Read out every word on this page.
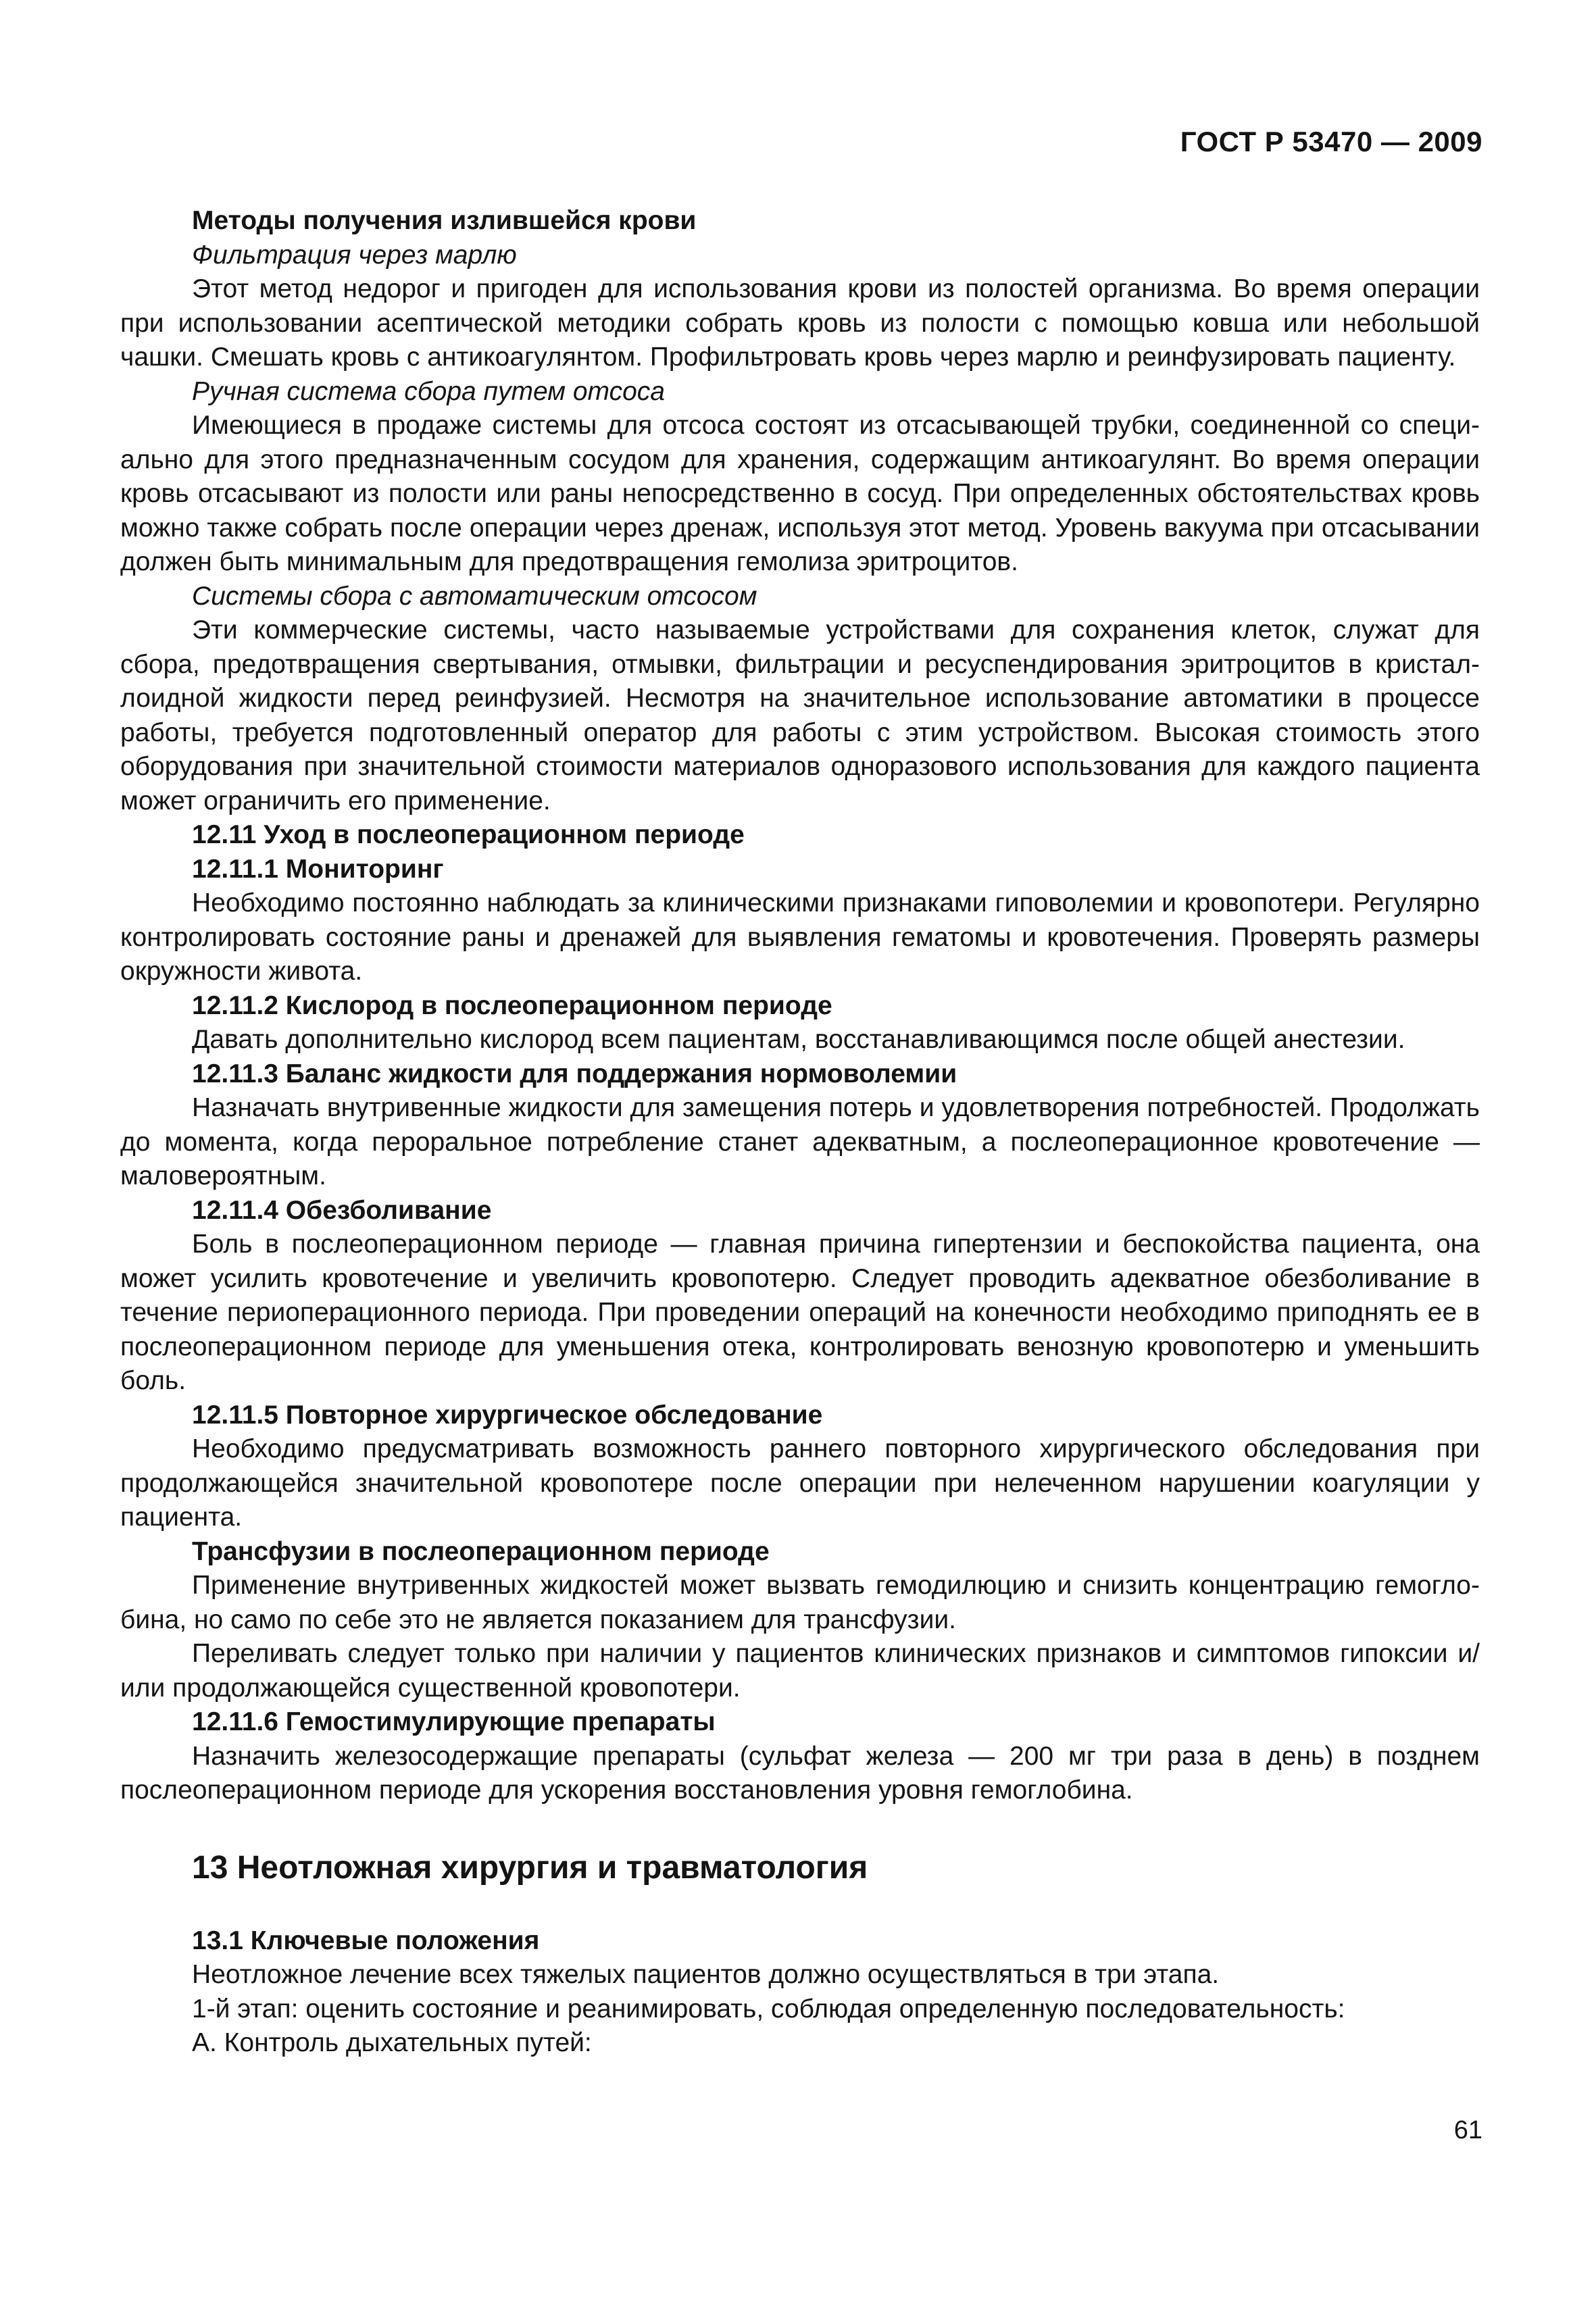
ГОСТ Р 53470 — 2009

Методы получения излившейся крови

Фильтрация через марлю

Этот метод недорог и пригоден для использования крови из полостей организма. Во время операции при использовании асептической методики собрать кровь из полости с помощью ковша или небольшой чашки. Смешать кровь с антикоагулянтом. Профильтровать кровь через марлю и реинфузировать пациенту.

Ручная система сбора путем отсоса

Имеющиеся в продаже системы для отсоса состоят из отсасывающей трубки, соединенной со специально для этого предназначенным сосудом для хранения, содержащим антикоагулянт. Во время операции кровь отсасывают из полости или раны непосредственно в сосуд. При определенных обстоятельствах кровь можно также собрать после операции через дренаж, используя этот метод. Уровень вакуума при отсасывании должен быть минимальным для предотвращения гемолиза эритроцитов.

Системы сбора с автоматическим отсосом

Эти коммерческие системы, часто называемые устройствами для сохранения клеток, служат для сбора, предотвращения свертывания, отмывки, фильтрации и ресуспендирования эритроцитов в кристаллоидной жидкости перед реинфузией. Несмотря на значительное использование автоматики в процессе работы, требуется подготовленный оператор для работы с этим устройством. Высокая стоимость этого оборудования при значительной стоимости материалов одноразового использования для каждого пациента может ограничить его применение.

12.11 Уход в послеоперационном периоде

12.11.1 Мониторинг

Необходимо постоянно наблюдать за клиническими признаками гиповолемии и кровопотери. Регулярно контролировать состояние раны и дренажей для выявления гематомы и кровотечения. Проверять размеры окружности живота.

12.11.2 Кислород в послеоперационном периоде

Давать дополнительно кислород всем пациентам, восстанавливающимся после общей анестезии.

12.11.3 Баланс жидкости для поддержания нормоволемии

Назначать внутривенные жидкости для замещения потерь и удовлетворения потребностей. Продолжать до момента, когда пероральное потребление станет адекватным, а послеоперационное кровотечение — маловероятным.

12.11.4 Обезболивание

Боль в послеоперационном периоде — главная причина гипертензии и беспокойства пациента, она может усилить кровотечение и увеличить кровопотерю. Следует проводить адекватное обезболивание в течение периоперационного периода. При проведении операций на конечности необходимо приподнять ее в послеоперационном периоде для уменьшения отека, контролировать венозную кровопотерю и уменьшить боль.

12.11.5 Повторное хирургическое обследование

Необходимо предусматривать возможность раннего повторного хирургического обследования при продолжающейся значительной кровопотере после операции при нелеченном нарушении коагуляции у пациента.

Трансфузии в послеоперационном периоде

Применение внутривенных жидкостей может вызвать гемодилюцию и снизить концентрацию гемоглобина, но само по себе это не является показанием для трансфузии.

Переливать следует только при наличии у пациентов клинических признаков и симптомов гипоксии и/или продолжающейся существенной кровопотери.

12.11.6 Гемостимулирующие препараты

Назначить железосодержащие препараты (сульфат железа — 200 мг три раза в день) в позднем послеоперационном периоде для ускорения восстановления уровня гемоглобина.

13 Неотложная хирургия и травматология

13.1 Ключевые положения

Неотложное лечение всех тяжелых пациентов должно осуществляться в три этапа.

1-й этап: оценить состояние и реанимировать, соблюдая определенную последовательность:

А. Контроль дыхательных путей:

61
